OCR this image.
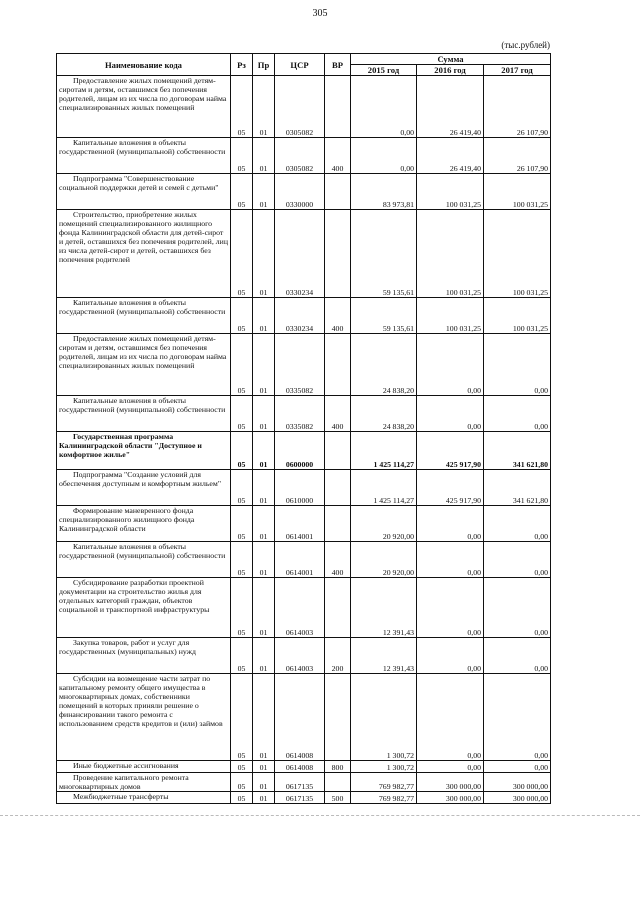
305
(тыс.рублей)
Наименование кода	Рз	Пр	ЦСР	ВР	Сумма		
					2015 год	2016 год	2017 год
Предоставление жилых помещений детям-сиротам и детям, оставшимся без попечения родителей, лицам из их числа по договорам найма специализированных жилых помещений	05	01	0305082		0,00	26 419,40	26 107,90
Капитальные вложения в объекты государственной (муниципальной) собственности	05	01	0305082	400	0,00	26 419,40	26 107,90
Подпрограмма "Совершенствование социальной поддержки детей и семей с детьми"	05	01	0330000		83 973,81	100 031,25	100 031,25
Строительство, приобретение жилых помещений специализированного жилищного фонда Калининградской области для детей-сирот и детей, оставшихся без попечения родителей, лиц из числа детей-сирот и детей, оставшихся без попечения родителей	05	01	0330234		59 135,61	100 031,25	100 031,25
Капитальные вложения в объекты государственной (муниципальной) собственности	05	01	0330234	400	59 135,61	100 031,25	100 031,25
Предоставление жилых помещений детям-сиротам и детям, оставшимся без попечения родителей, лицам из их числа по договорам найма специализированных жилых помещений	05	01	0335082		24 838,20	0,00	0,00
Капитальные вложения в объекты государственной (муниципальной) собственности	05	01	0335082	400	24 838,20	0,00	0,00
Государственная программа Калининградской области "Доступное и комфортное жилье"	05	01	0600000		1 425 114,27	425 917,90	341 621,80
Подпрограмма "Создание условий для обеспечения доступным и комфортным жильем"	05	01	0610000		1 425 114,27	425 917,90	341 621,80
Формирование маневренного фонда специализированного жилищного фонда Калининградской области	05	01	0614001		20 920,00	0,00	0,00
Капитальные вложения в объекты государственной (муниципальной) собственности	05	01	0614001	400	20 920,00	0,00	0,00
Субсидирование разработки проектной документации на строительство жилья для отдельных категорий граждан, объектов социальной и транспортной инфраструктуры	05	01	0614003		12 391,43	0,00	0,00
Закупка товаров, работ и услуг для государственных (муниципальных) нужд	05	01	0614003	200	12 391,43	0,00	0,00
Субсидии на возмещение части затрат по капитальному ремонту общего имущества в многоквартирных домах, собственники помещений в которых приняли решение о финансировании такого ремонта с использованием средств кредитов и (или) займов	05	01	0614008		1 300,72	0,00	0,00
Иные бюджетные ассигнования	05	01	0614008	800	1 300,72	0,00	0,00
Проведение капитального ремонта многоквартирных домов	05	01	0617135		769 982,77	300 000,00	300 000,00
Межбюджетные трансферты	05	01	0617135	500	769 982,77	300 000,00	300 000,00
